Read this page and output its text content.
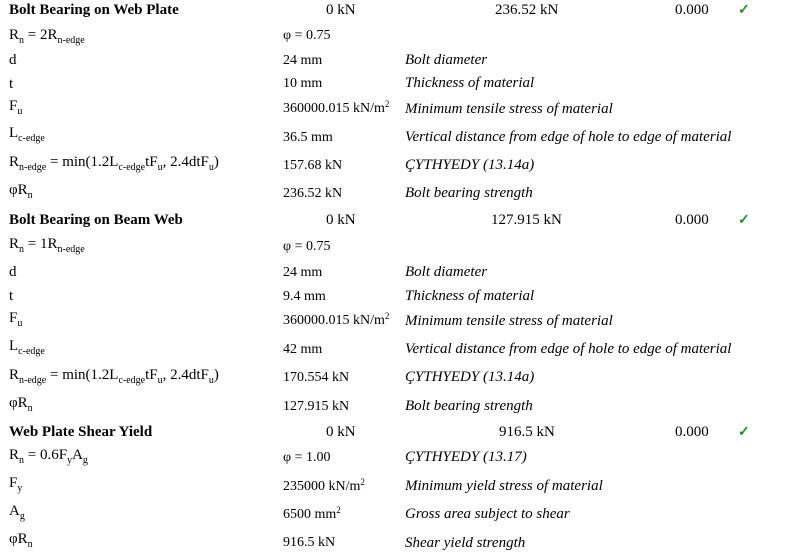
Bolt Bearing on Web Plate	0 kN	236.52 kN	0.000 ✓
$R_n = 2R_{n-edge}$	φ = 0.75
d	24 mm	Bolt diameter
t	10 mm	Thickness of material
$F_u$	360000.015 $kN/m^2$ Minimum tensile stress of material
$L_{c-edge}$	36.5 mm	Vertical distance from edge of hole to edge of material
$R_{n-edge} = \min(1.2L_{c-edge}tF_u$, 2.4dtF$_u$)	157.68 kN	ÇYTHYEDY (13.14a)
$\varphi R_n$	236.52 kN	Bolt bearing strength
Bolt Bearing on Beam Web	0 kN	127.915 kN	0.000 ✓
$R_n = 1R_{n-edge}$	φ = 0.75
d	24 mm	Bolt diameter
t	9.4 mm	Thickness of material
$F_u$	360000.015 $kN/m^2$ Minimum tensile stress of material
$L_{c-edge}$	42 mm	Vertical distance from edge of hole to edge of material
$R_{n-edge} = \min(1.2L_{c-edge}tF_u$, 2.4dtF$_u$)	170.554 kN	ÇYTHYEDY (13.14a)
$\varphi R_n$	127.915 kN	Bolt bearing strength
Web Plate Shear Yield	0 kN	916.5 kN	0.000 ✓
$R_n = 0.6F_yA_g$	φ = 1.00	ÇYTHYEDY (13.17)
$F_y$	235000 $kN/m^2$	Minimum yield stress of material
$A_g$	6500 $mm^2$	Gross area subject to shear
$\varphi R_n$	916.5 kN	Shear yield strength
